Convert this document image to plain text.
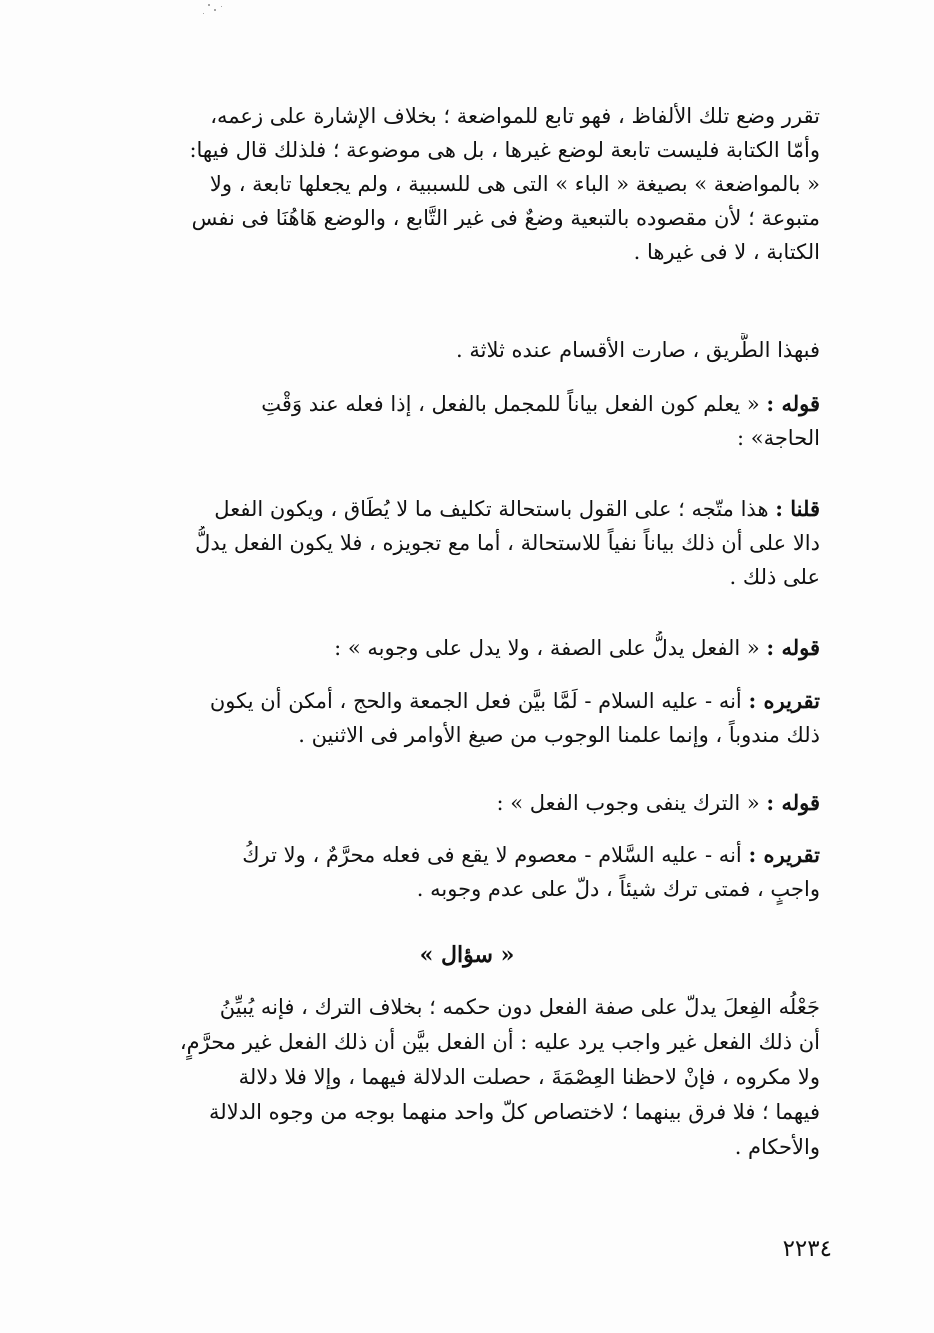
تقرر وضع تلك الألفاظ ، فهو تابع للمواضعة ؛ بخلاف الإشارة على زعمه،
وأمّا الكتابة فليست تابعة لوضع غيرها ، بل هى موضوعة ؛ فلذلك قال فيها:
« بالمواضعة » بصيغة « الباء » التى هى للسببية ، ولم يجعلها تابعة ، ولا
متبوعة ؛ لأن مقصوده بالتبعية وضعٌ فى غير التَّابع ، والوضع هَاهُنَا فى نفس
الكتابة ، لا فى غيرها .
فبهذا الطَّريق ، صارت الأقسام عنده ثلاثة .
قوله : « يعلم كون الفعل بياناً للمجمل بالفعل ، إذا فعله عند وَقْتِ
الحاجة» :
قلنا : هذا متّجه ؛ على القول باستحالة تكليف ما لا يُطَاق ، ويكون الفعل
دالا على أن ذلك بياناً نفياً للاستحالة ، أما مع تجويزه ، فلا يكون الفعل يدلُّ
على ذلك .
قوله : « الفعل يدلُّ على الصفة ، ولا يدل على وجوبه » :
تقريره : أنه - عليه السلام - لَمَّا بيَّن فعل الجمعة والحج ، أمكن أن يكون
ذلك مندوباً ، وإنما علمنا الوجوب من صيغ الأوامر فى الاثنين .
قوله : « الترك ينفى وجوب الفعل » :
تقريره : أنه - عليه السَّلام - معصوم لا يقع فى فعله محرَّمٌ ، ولا تركُ
واجبٍ ، فمتى ترك شيئاً ، دلّ على عدم وجوبه .
« سؤال »
جَعْلُه الفِعلَ يدلّ على صفة الفعل دون حكمه ؛ بخلاف الترك ، فإنه يُبيِّنُ
أن ذلك الفعل غير واجب يرد عليه : أن الفعل بيَّن أن ذلك الفعل غير محرَّمٍ،
ولا مكروه ، فإنْ لاحظنا العِصْمَةَ ، حصلت الدلالة فيهما ، وإلا فلا دلالة
فيهما ؛ فلا فرق بينهما ؛ لاختصاص كلّ واحد منهما بوجه من وجوه الدلالة
والأحكام .
٢٢٣٤
